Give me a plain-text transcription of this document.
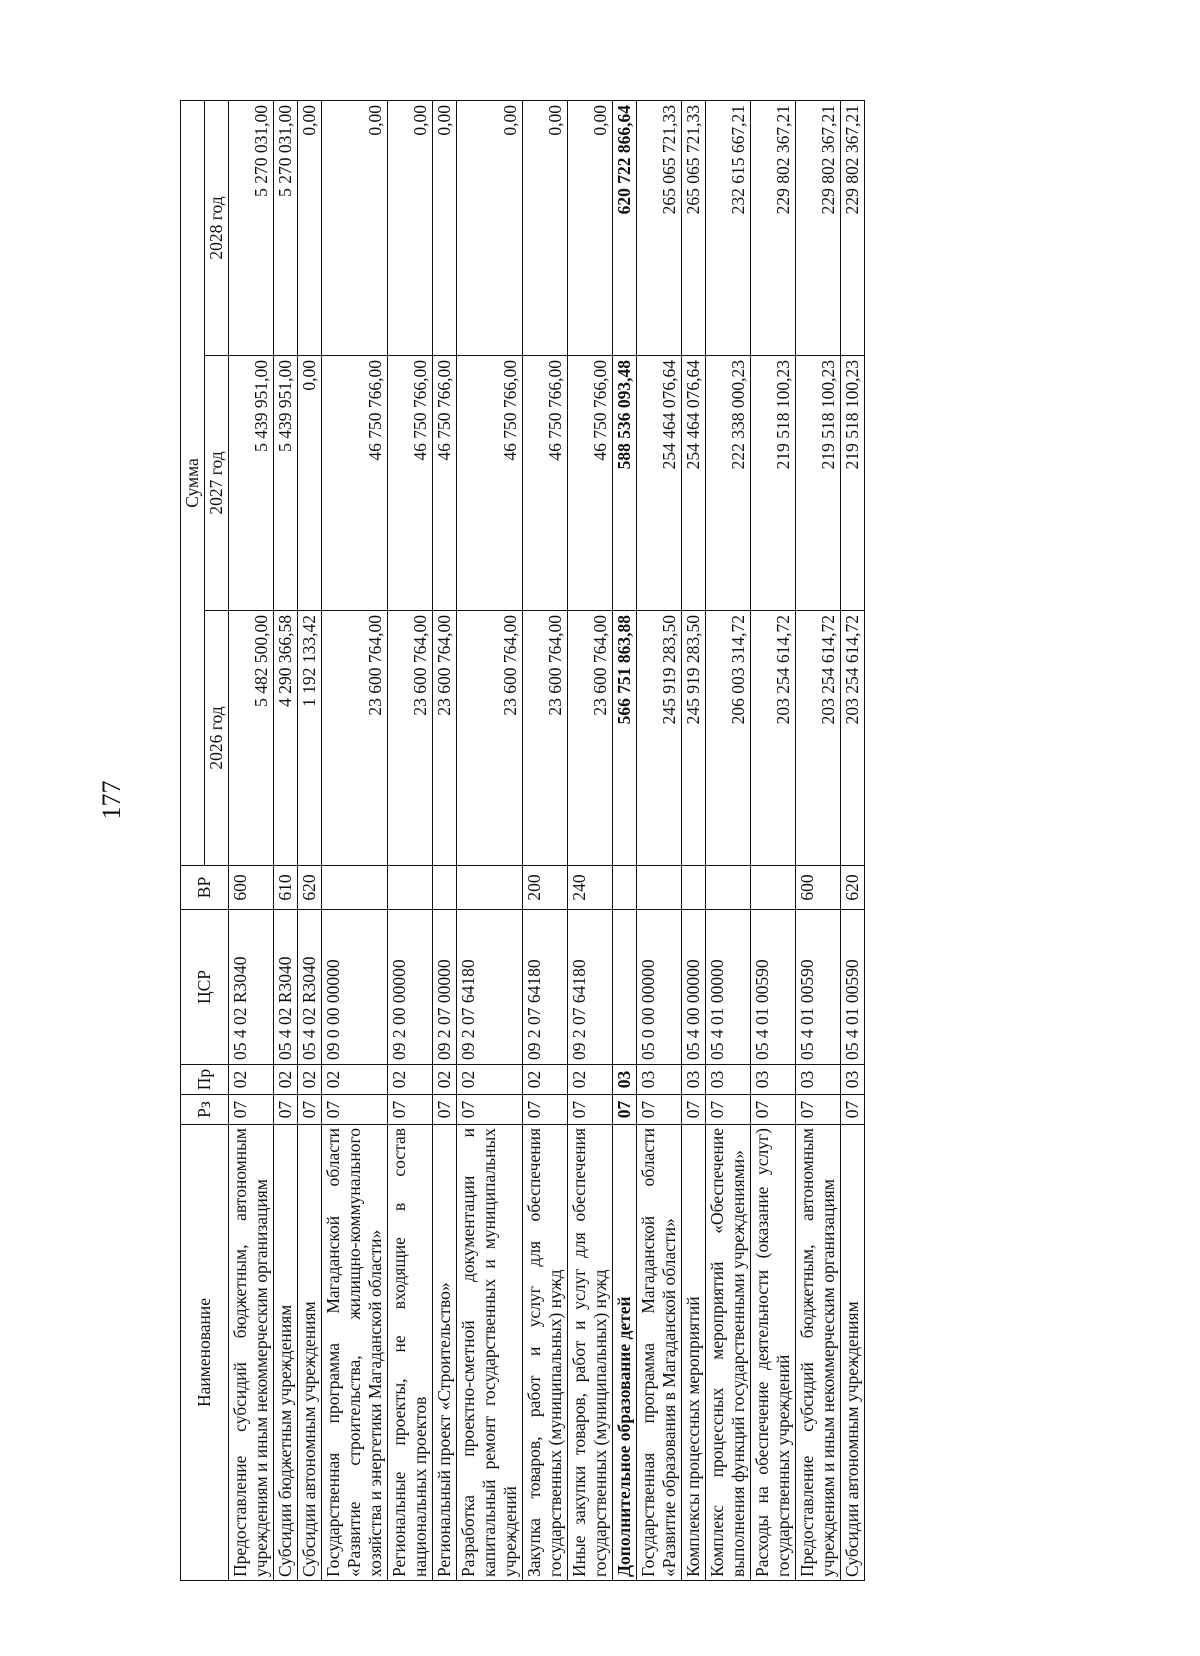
177
Наименование	Рз	Пр	ЦСР	ВР	Сумма		
					2026 год	2027 год	2028 год
Предоставление субсидий бюджетным, автономным учреждениям и иным некоммерческим организациям	07	02	05 4 02 R3040	600	5 482 500,00	5 439 951,00	5 270 031,00
Субсидии бюджетным учреждениям	07	02	05 4 02 R3040	610	4 290 366,58	5 439 951,00	5 270 031,00
Субсидии автономным учреждениям	07	02	05 4 02 R3040	620	1 192 133,42	0,00	0,00
Государственная программа Магаданской области «Развитие строительства, жилищно-коммунального хозяйства и энергетики Магаданской области»	07	02	09 0 00 00000		23 600 764,00	46 750 766,00	0,00
Региональные проекты, не входящие в состав национальных проектов	07	02	09 2 00 00000		23 600 764,00	46 750 766,00	0,00
Региональный проект «Строительство»	07	02	09 2 07 00000		23 600 764,00	46 750 766,00	0,00
Разработка проектно-сметной документации и капитальный ремонт государственных и муниципальных учреждений	07	02	09 2 07 64180		23 600 764,00	46 750 766,00	0,00
Закупка товаров, работ и услуг для обеспечения государственных (муниципальных) нужд	07	02	09 2 07 64180	200	23 600 764,00	46 750 766,00	0,00
Иные закупки товаров, работ и услуг для обеспечения государственных (муниципальных) нужд	07	02	09 2 07 64180	240	23 600 764,00	46 750 766,00	0,00
Дополнительное образование детей	07	03			566 751 863,88	588 536 093,48	620 722 866,64
Государственная программа Магаданской области «Развитие образования в Магаданской области»	07	03	05 0 00 00000		245 919 283,50	254 464 076,64	265 065 721,33
Комплексы процессных мероприятий	07	03	05 4 00 00000		245 919 283,50	254 464 076,64	265 065 721,33
Комплекс процессных мероприятий «Обеспечение выполнения функций государственными учреждениями»	07	03	05 4 01 00000		206 003 314,72	222 338 000,23	232 615 667,21
Расходы на обеспечение деятельности (оказание услуг) государственных учреждений	07	03	05 4 01 00590		203 254 614,72	219 518 100,23	229 802 367,21
Предоставление субсидий бюджетным, автономным учреждениям и иным некоммерческим организациям	07	03	05 4 01 00590	600	203 254 614,72	219 518 100,23	229 802 367,21
Субсидии автономным учреждениям	07	03	05 4 01 00590	620	203 254 614,72	219 518 100,23	229 802 367,21
